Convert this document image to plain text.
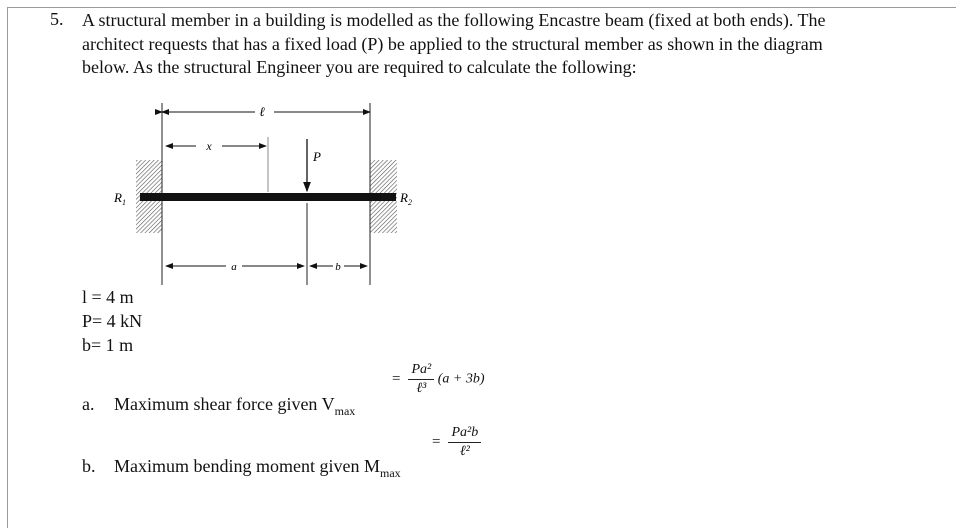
5. A structural member in a building is modelled as the following Encastre beam (fixed at both ends). The

architect requests that has a fixed load (P) be applied to the structural member as shown in the diagram

below. As the structural Engineer you are required to calculate the following:

ℓ
x
P
$R_1$	$R_2$
a	b
l = 4 m
P= 4 kN
b= 1 m
a. Maximum shear force given $V_{max}$
= $\frac{\text{Pa²}}{\text{ℓ³}} (a + 3b)$
b. Maximum bending moment given $M_{max}$
= $\frac{\text{Pa²b}}{\text{ℓ²}}$
